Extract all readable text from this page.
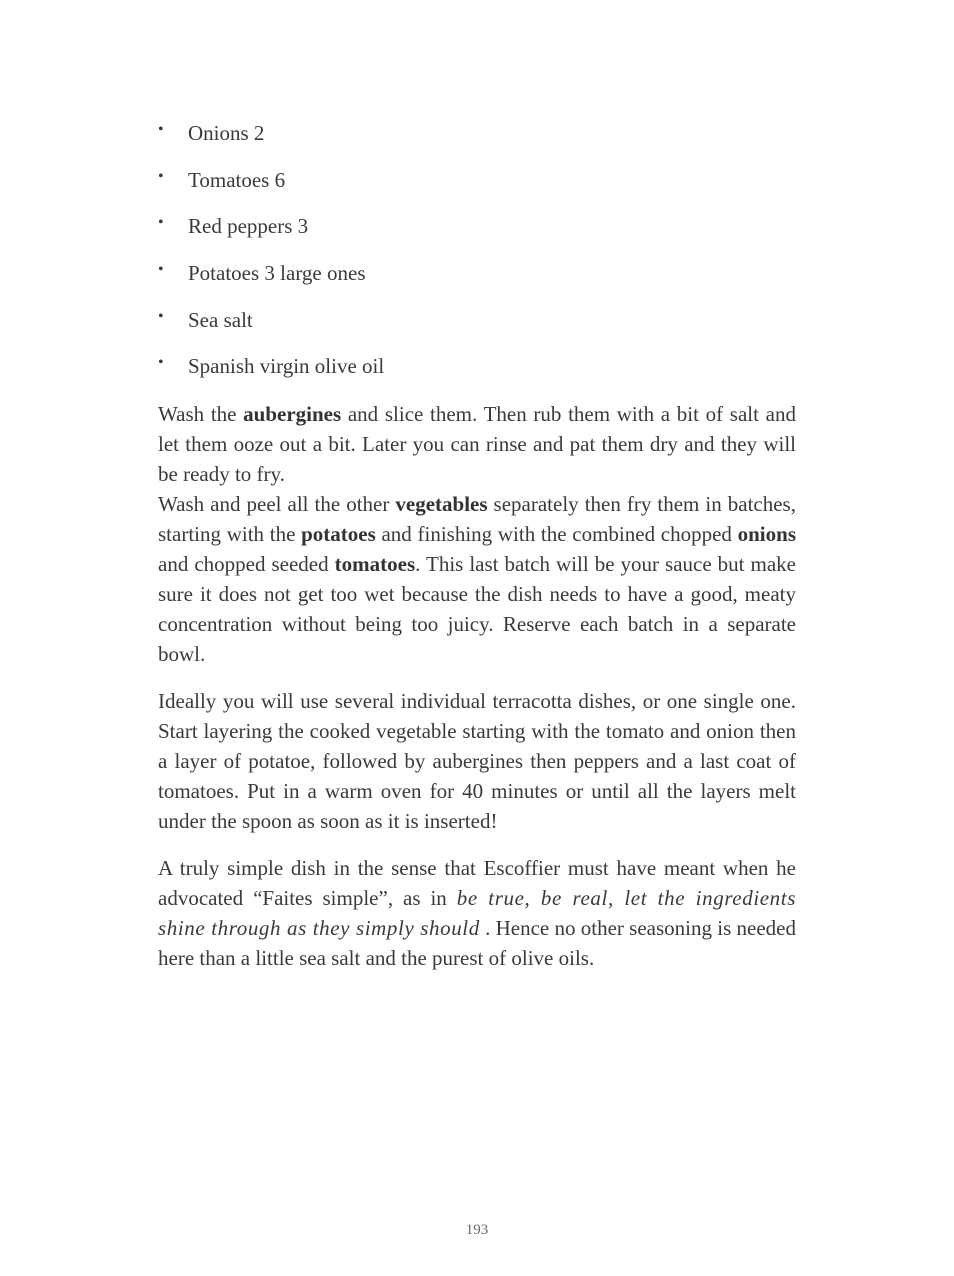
• Onions 2
• Tomatoes 6
• Red peppers 3
• Potatoes 3 large ones
• Sea salt
• Spanish virgin olive oil

Wash the aubergines and slice them. Then rub them with a bit of salt and let them ooze out a bit. Later you can rinse and pat them dry and they will be ready to fry.

Wash and peel all the other vegetables separately then fry them in batches, starting with the potatoes and finishing with the combined chopped onions and chopped seeded tomatoes. This last batch will be your sauce but make sure it does not get too wet because the dish needs to have a good, meaty concentration without being too juicy. Reserve each batch in a separate bowl.

Ideally you will use several individual terracotta dishes, or one single one. Start layering the cooked vegetable starting with the tomato and onion then a layer of potatoe, followed by aubergines then peppers and a last coat of tomatoes. Put in a warm oven for 40 minutes or until all the layers melt under the spoon as soon as it is inserted!

A truly simple dish in the sense that Escoffier must have meant when he advocated “Faites simple”, as in be true, be real, let the ingredients shine through as they simply should . Hence no other seasoning is needed here than a little sea salt and the purest of olive oils.

193
